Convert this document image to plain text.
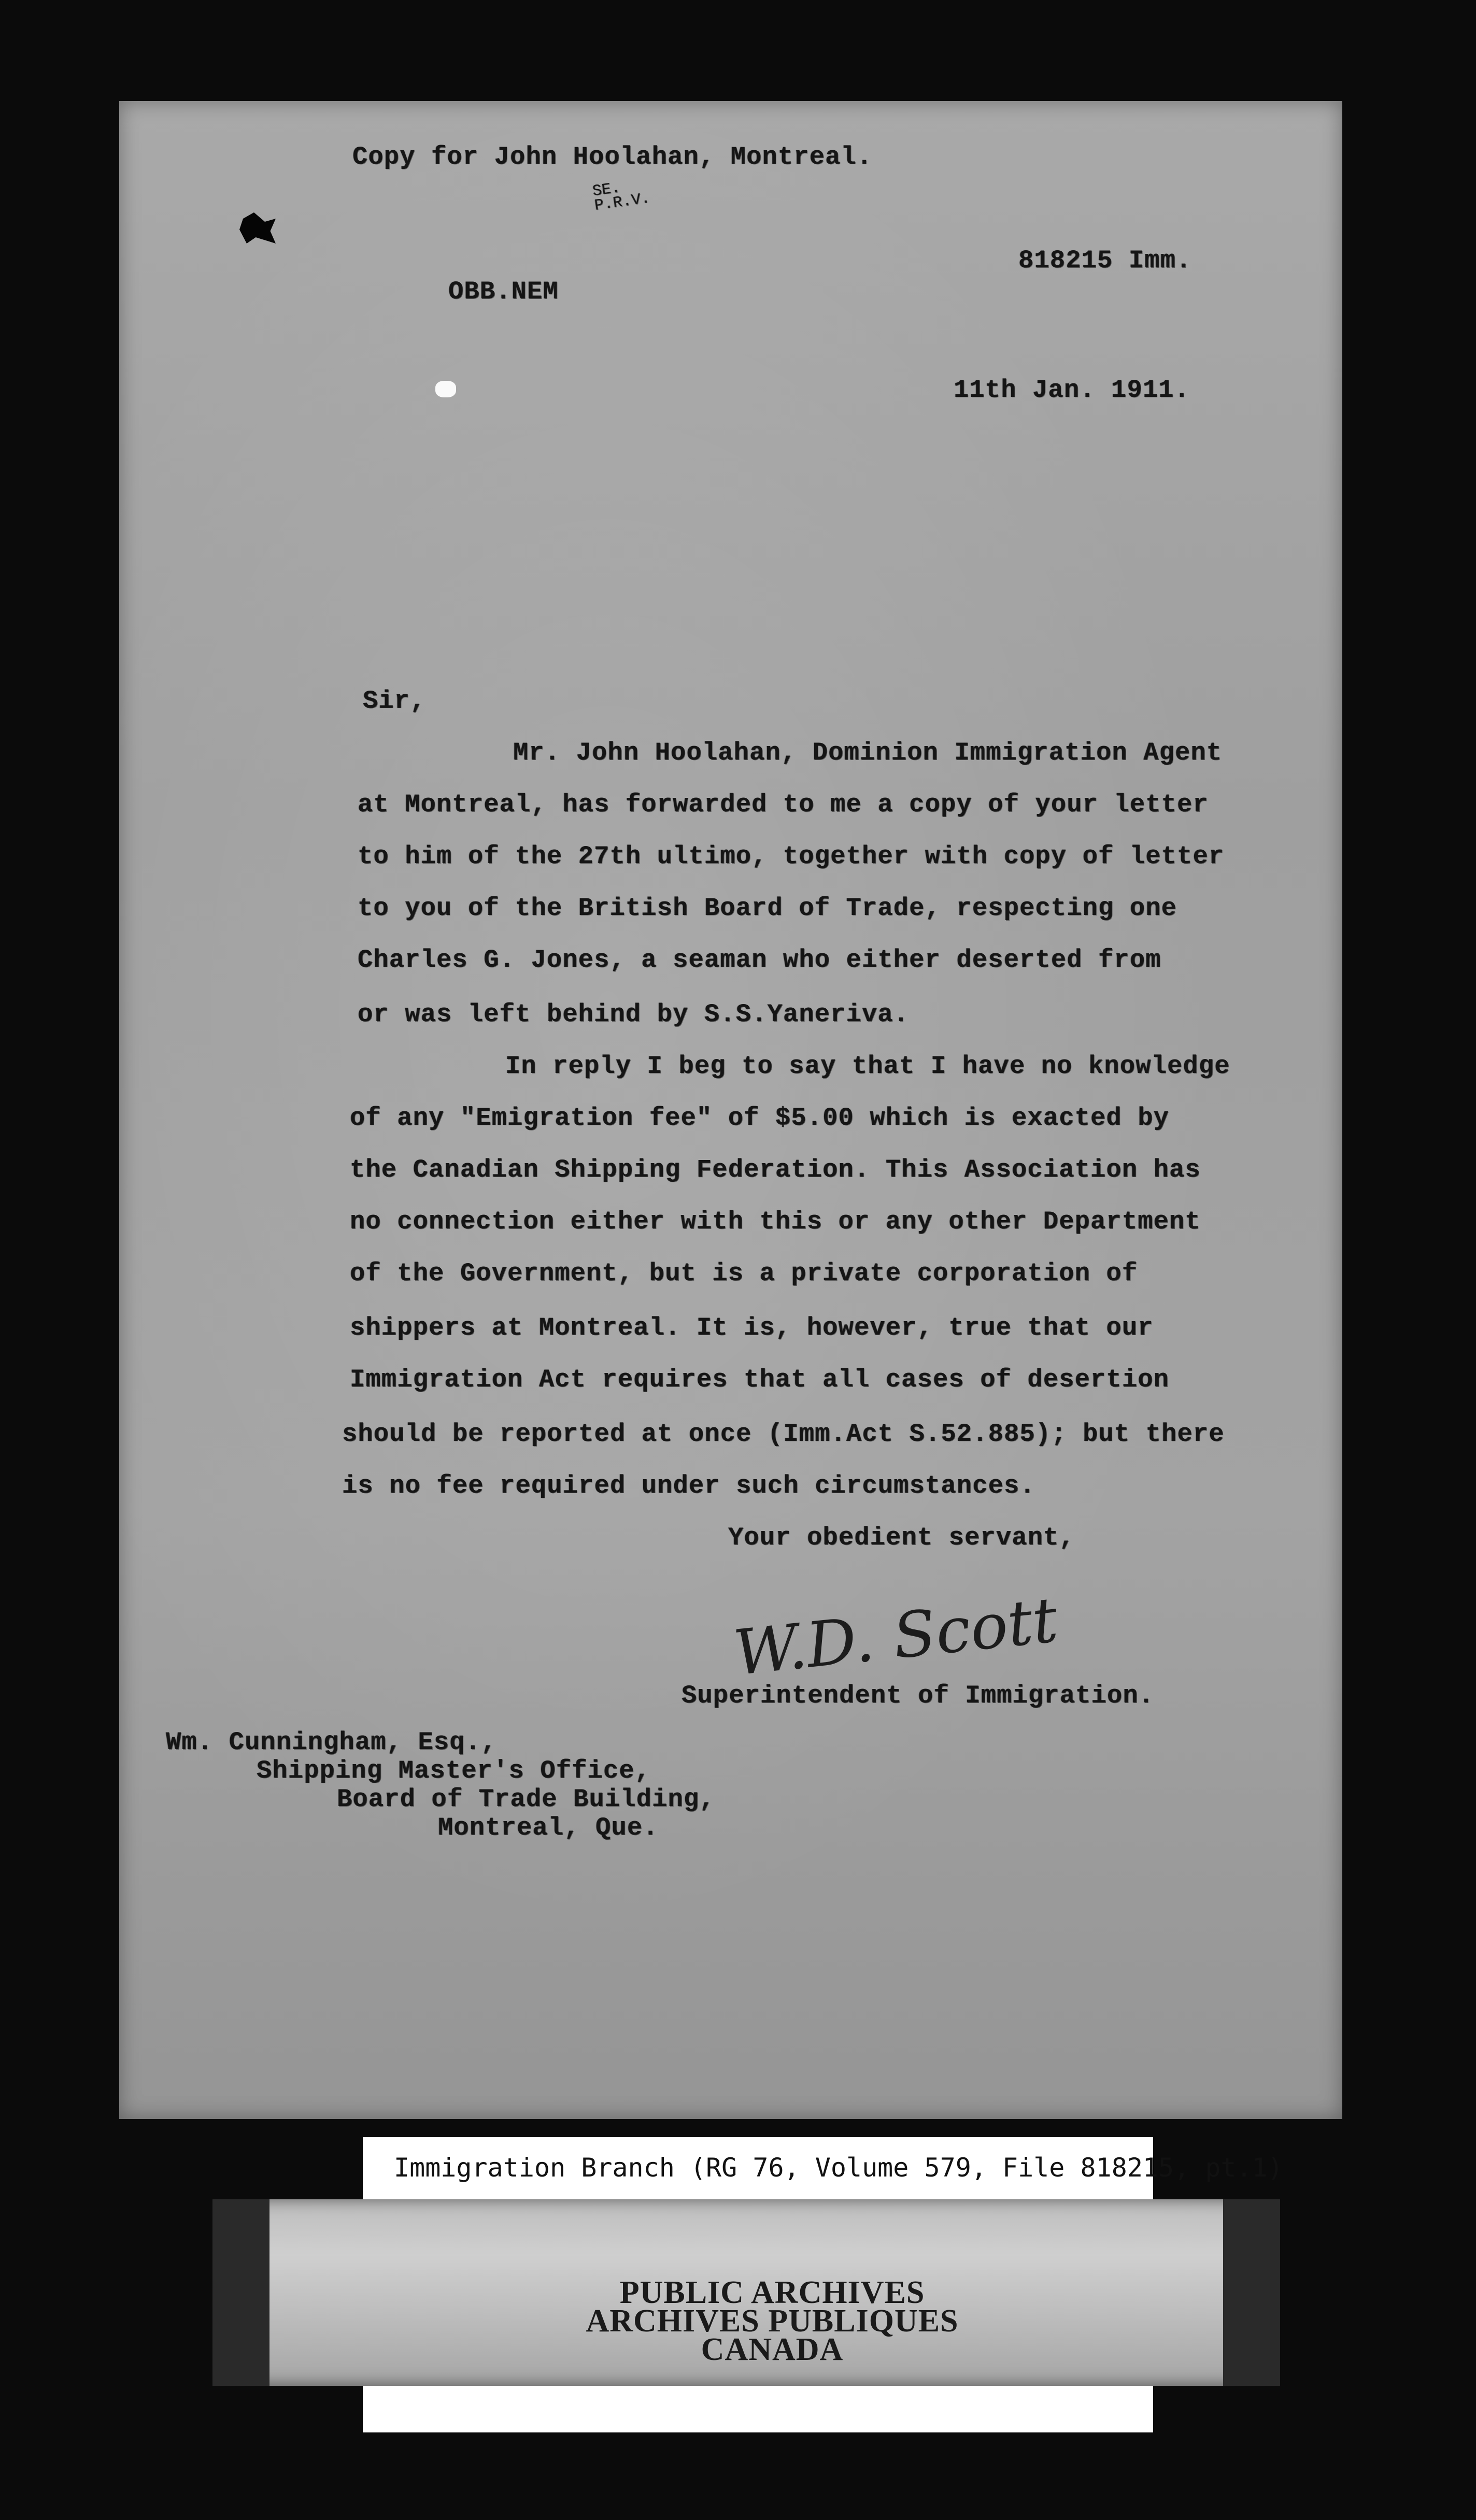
Copy for John Hoolahan, Montreal.
SE. P.R.V.
818215 Imm.
OBB.NEM
11th Jan. 1911.
Sir,
Mr. John Hoolahan, Dominion Immigration Agent
at Montreal, has forwarded to me a copy of your letter
to him of the 27th ultimo, together with copy of letter
to you of the British Board of Trade, respecting one
Charles G. Jones, a seaman who either deserted from
or was left behind by S.S.Yaneriva.
In reply I beg to say that I have no knowledge
of any "Emigration fee" of $5.00 which is exacted by
the Canadian Shipping Federation. This Association has
no connection either with this or any other Department
of the Government, but is a private corporation of
shippers at Montreal. It is, however, true that our
Immigration Act requires that all cases of desertion
should be reported at once (Imm.Act S.52.885); but there
is no fee required under such circumstances.
Your obedient servant,
W.D. Scott
Superintendent of Immigration.
Wm. Cunningham, Esq.,
Shipping Master's Office,
Board of Trade Building,
Montreal, Que.
Immigration Branch (RG 76, Volume 579, File 818215, pt.1)
PUBLIC ARCHIVES
ARCHIVES PUBLIQUES
CANADA
